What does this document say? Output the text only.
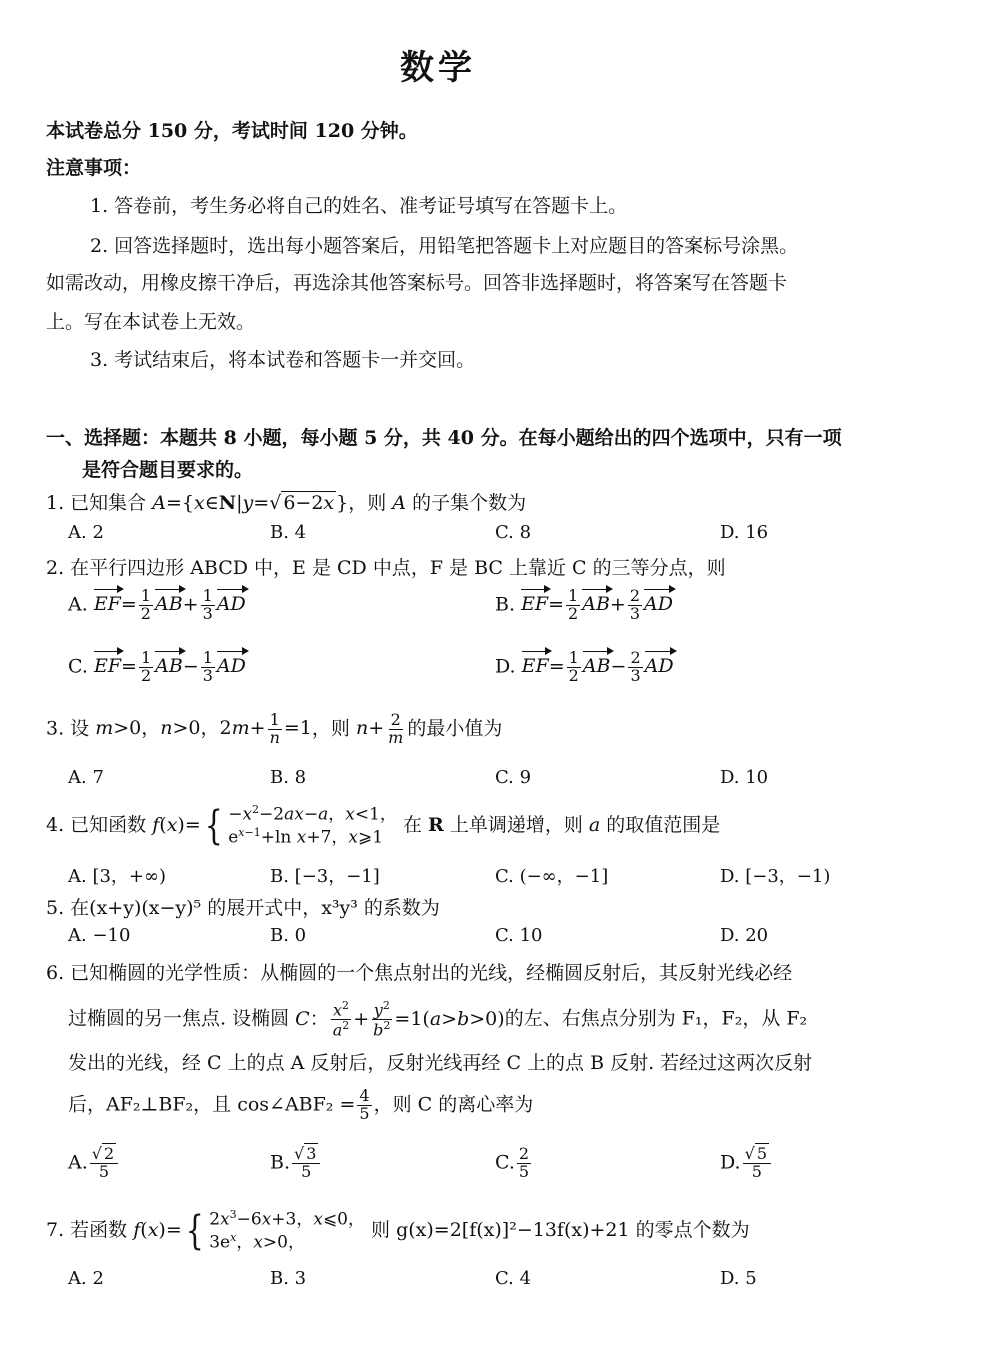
数学
本试卷总分 150 分，考试时间 120 分钟。
注意事项：
1. 答卷前，考生务必将自己的姓名、准考证号填写在答题卡上。
2. 回答选择题时，选出每小题答案后，用铅笔把答题卡上对应题目的答案标号涂黑。
如需改动，用橡皮擦干净后，再选涂其他答案标号。回答非选择题时，将答案写在答题卡
上。写在本试卷上无效。
3. 考试结束后，将本试卷和答题卡一并交回。
一、选择题：本题共 8 小题，每小题 5 分，共 40 分。在每小题给出的四个选项中，只有一项
是符合题目要求的。
1. 已知集合 A={x∈N|y=√ 6−2x }，则 A 的子集个数为
A. 2	B. 4	C. 8	D. 16
2. 在平行四边形 ABCD 中，E 是 CD 中点，F 是 BC 上靠近 C 的三等分点，则
A. $EF= \frac{1}{2} AB+ \frac{1}{3}$ AD	B. $EF= \frac{1}{2} AB+ \frac{2}{3}$ AD
C. $EF= \frac{1}{2} AB- \frac{1}{3}$ AD	D. $EF= \frac{1}{2} AB- \frac{2}{3}$ AD
3. 设 m>0，n>0，$2m+ \frac{1}{n} =1$，则 $n+ \frac{2}{m}$ 的最小值为
A. 7	B. 8	C. 9	D. 10
4. 已知函数 f(x)= { $-x^2-2ax-a$，x<1，
$e^{x-1}+\ln$ x+7，x⩾1
在 R 上单调递增，则 a 的取值范围是
A. [3，+∞)	B. [−3，−1]	C. (−∞，−1]	D. [−3，−1)
5. 在(x+y)(x−y)⁵ 的展开式中，x³y³ 的系数为
A. −10	B. 0	C. 10	D. 20
6. 已知椭圆的光学性质：从椭圆的一个焦点射出的光线，经椭圆反射后，其反射光线必经
过椭圆的另一焦点. 设椭圆 C： $\frac{x^2}{a^2} + \frac{y^2}{b^2} =1(a>b>0)$的左、右焦点分别为 F₁，F₂，从 F₂
发出的光线，经 C 上的点 A 反射后，反射光线再经 C 上的点 B 反射. 若经过这两次反射
后，AF₂⊥BF₂，且 cos∠ABF₂ = $\frac{4}{5}$ ，则 C 的离心率为
A. $\frac{√ 2}{5}$	B. $\frac{√ 3}{5}$	C. $\frac{2}{5}$	D. $\frac{√ 5}{5}$
7. 若函数 f(x)= { $2x^3-6x+3$，x⩽0，
$3e^x$，x>0，
则 g(x)=2[f(x)]²−13f(x)+21 的零点个数为
A. 2	B. 3	C. 4	D. 5
